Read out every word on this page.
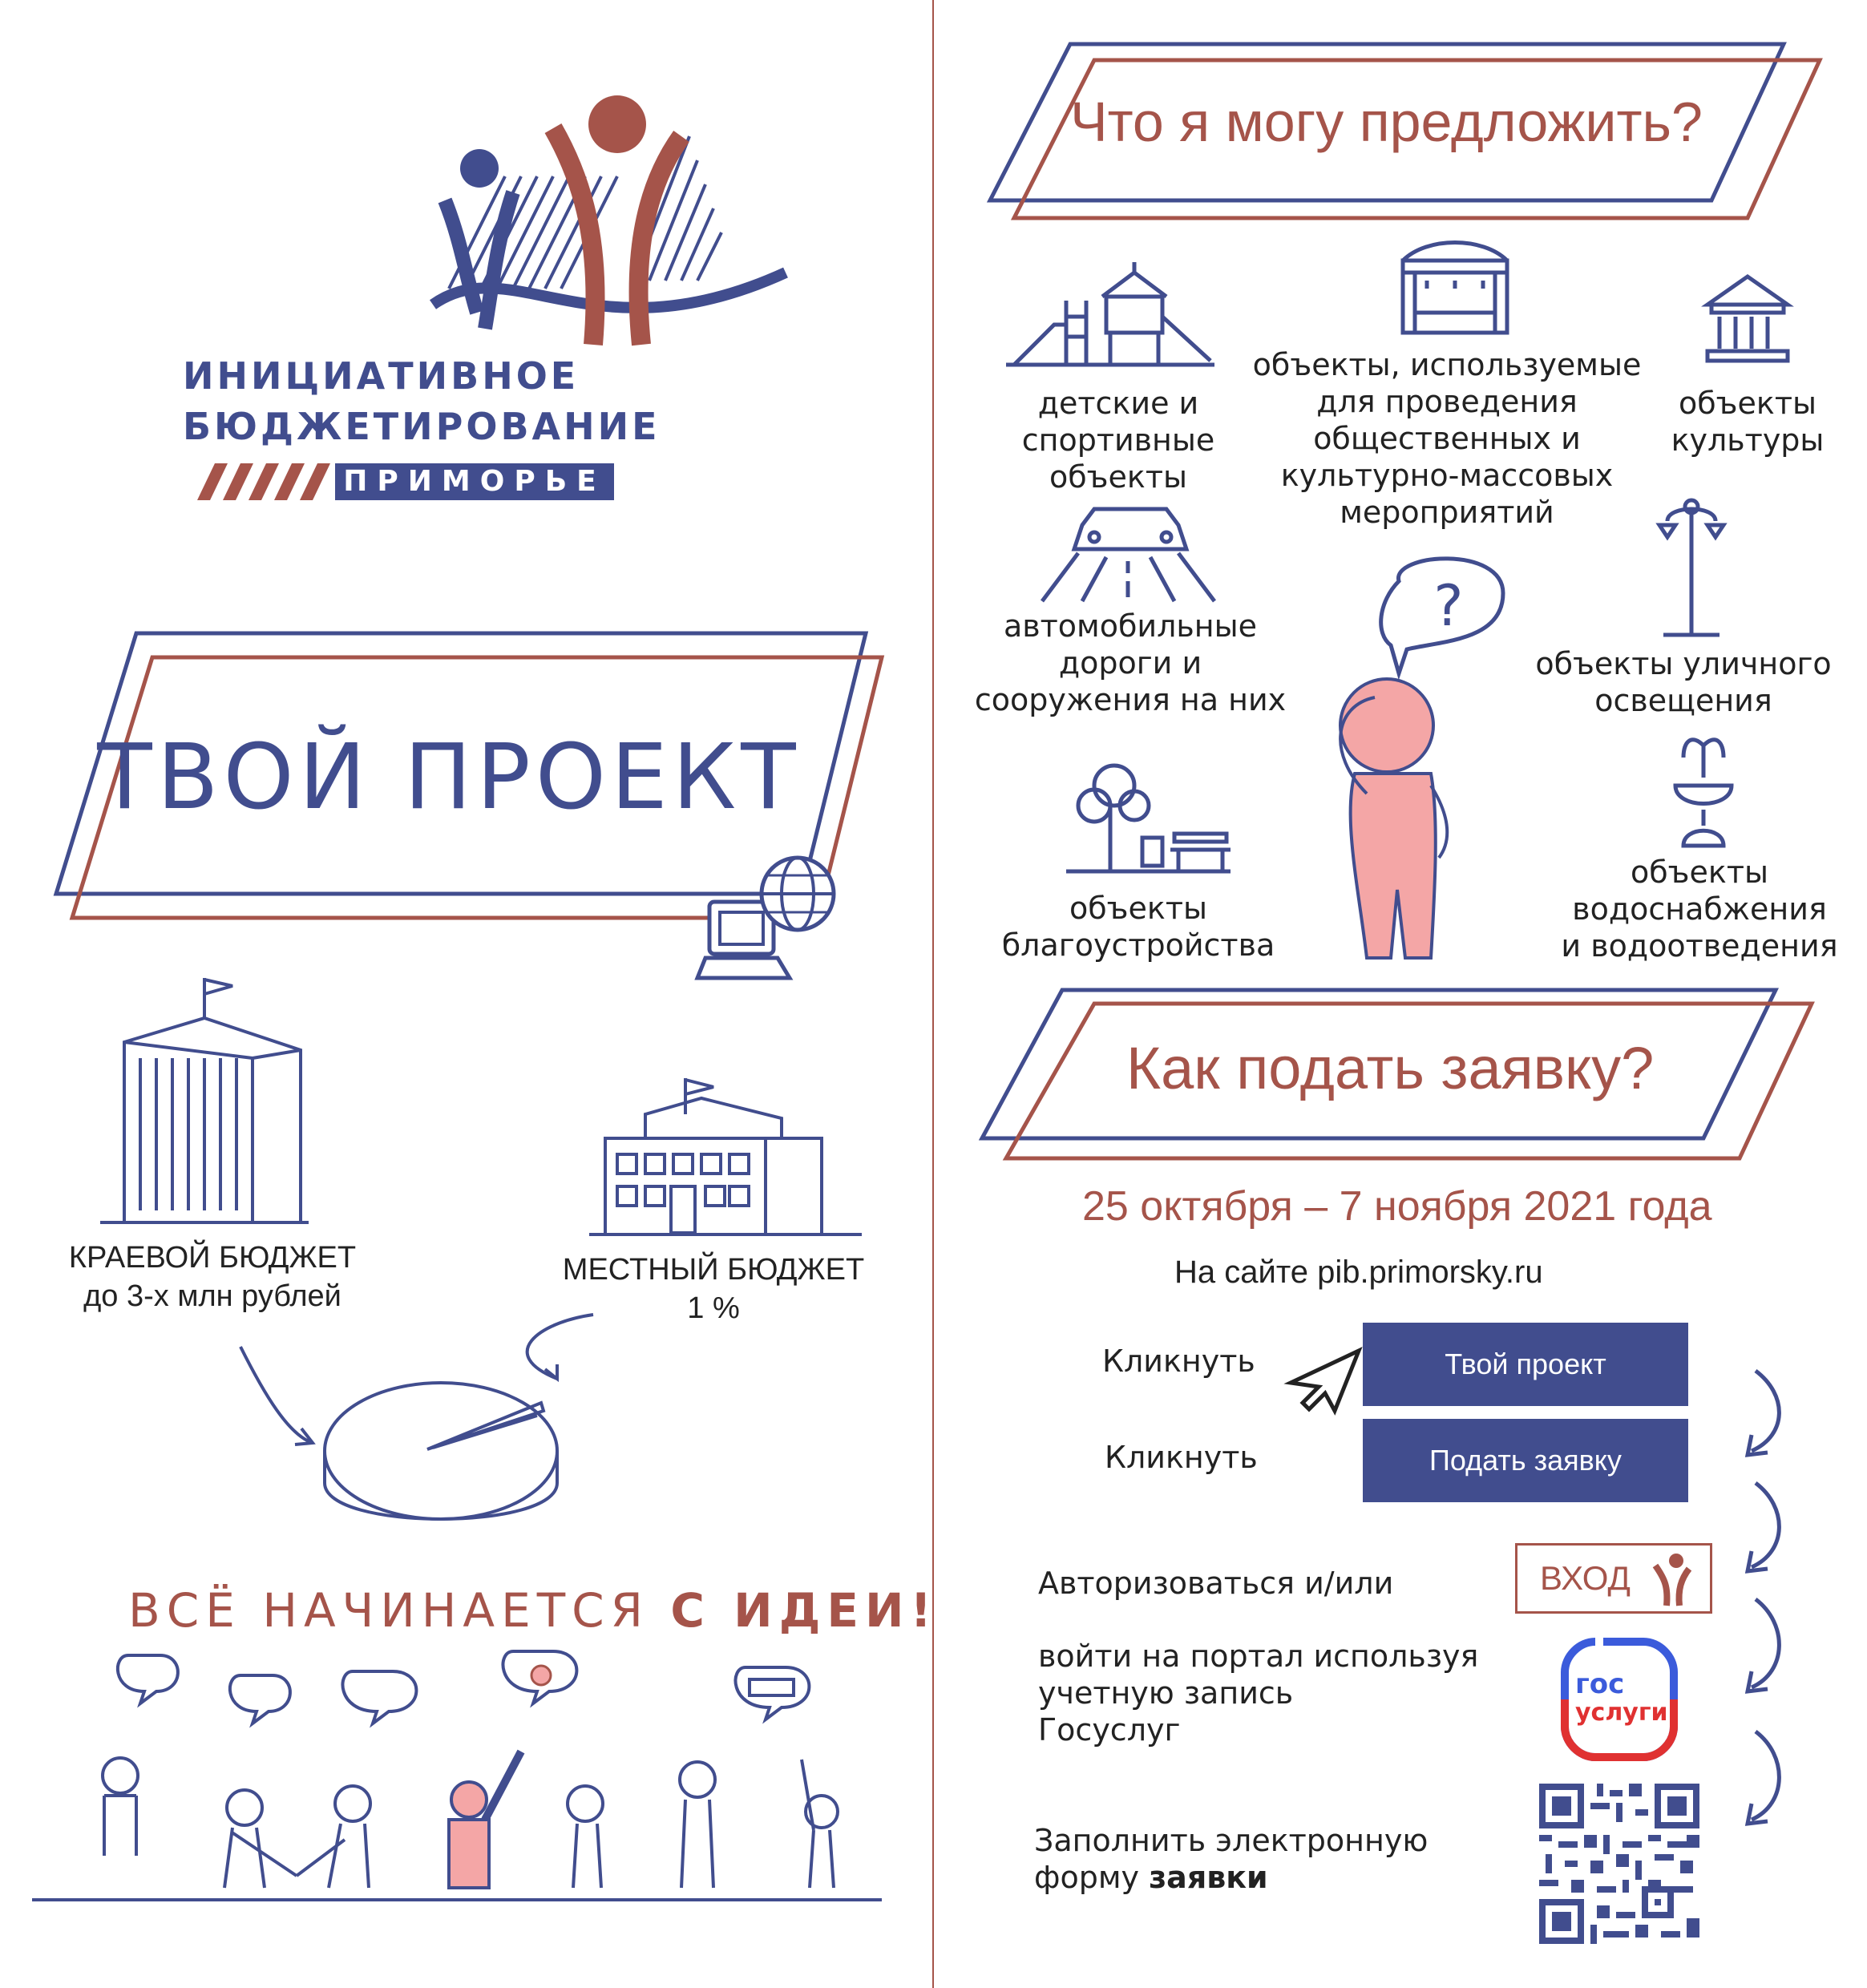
ИНИЦИАТИВНОЕ
БЮДЖЕТИРОВАНИЕ
ПРИМОРЬЕ
ТВОЙ ПРОЕКТ
КРАЕВОЙ БЮДЖЕТ
до 3-х млн рублей
МЕСТНЫЙ БЮДЖЕТ
1 %
ВСЁ НАЧИНАЕТСЯ С ИДЕИ!
Что я могу предложить?
?
детские и
спортивные
объекты
объекты, используемые
для проведения
общественных и
культурно-массовых
мероприятий
объекты
культуры
автомобильные
дороги и
сооружения на них
объекты уличного
освещения
объекты
благоустройства
объекты
водоснабжения
и водоотведения
Как подать заявку?
25 октября – 7 ноября 2021 года
На сайте pib.primorsky.ru
Кликнуть
Кликнуть
Твой проект
Подать заявку
Авторизоваться и/или	ВХОД
войти на портал используя
учетную запись
Госуслуг
гос
услуги
Заполнить электронную
форму заявки
